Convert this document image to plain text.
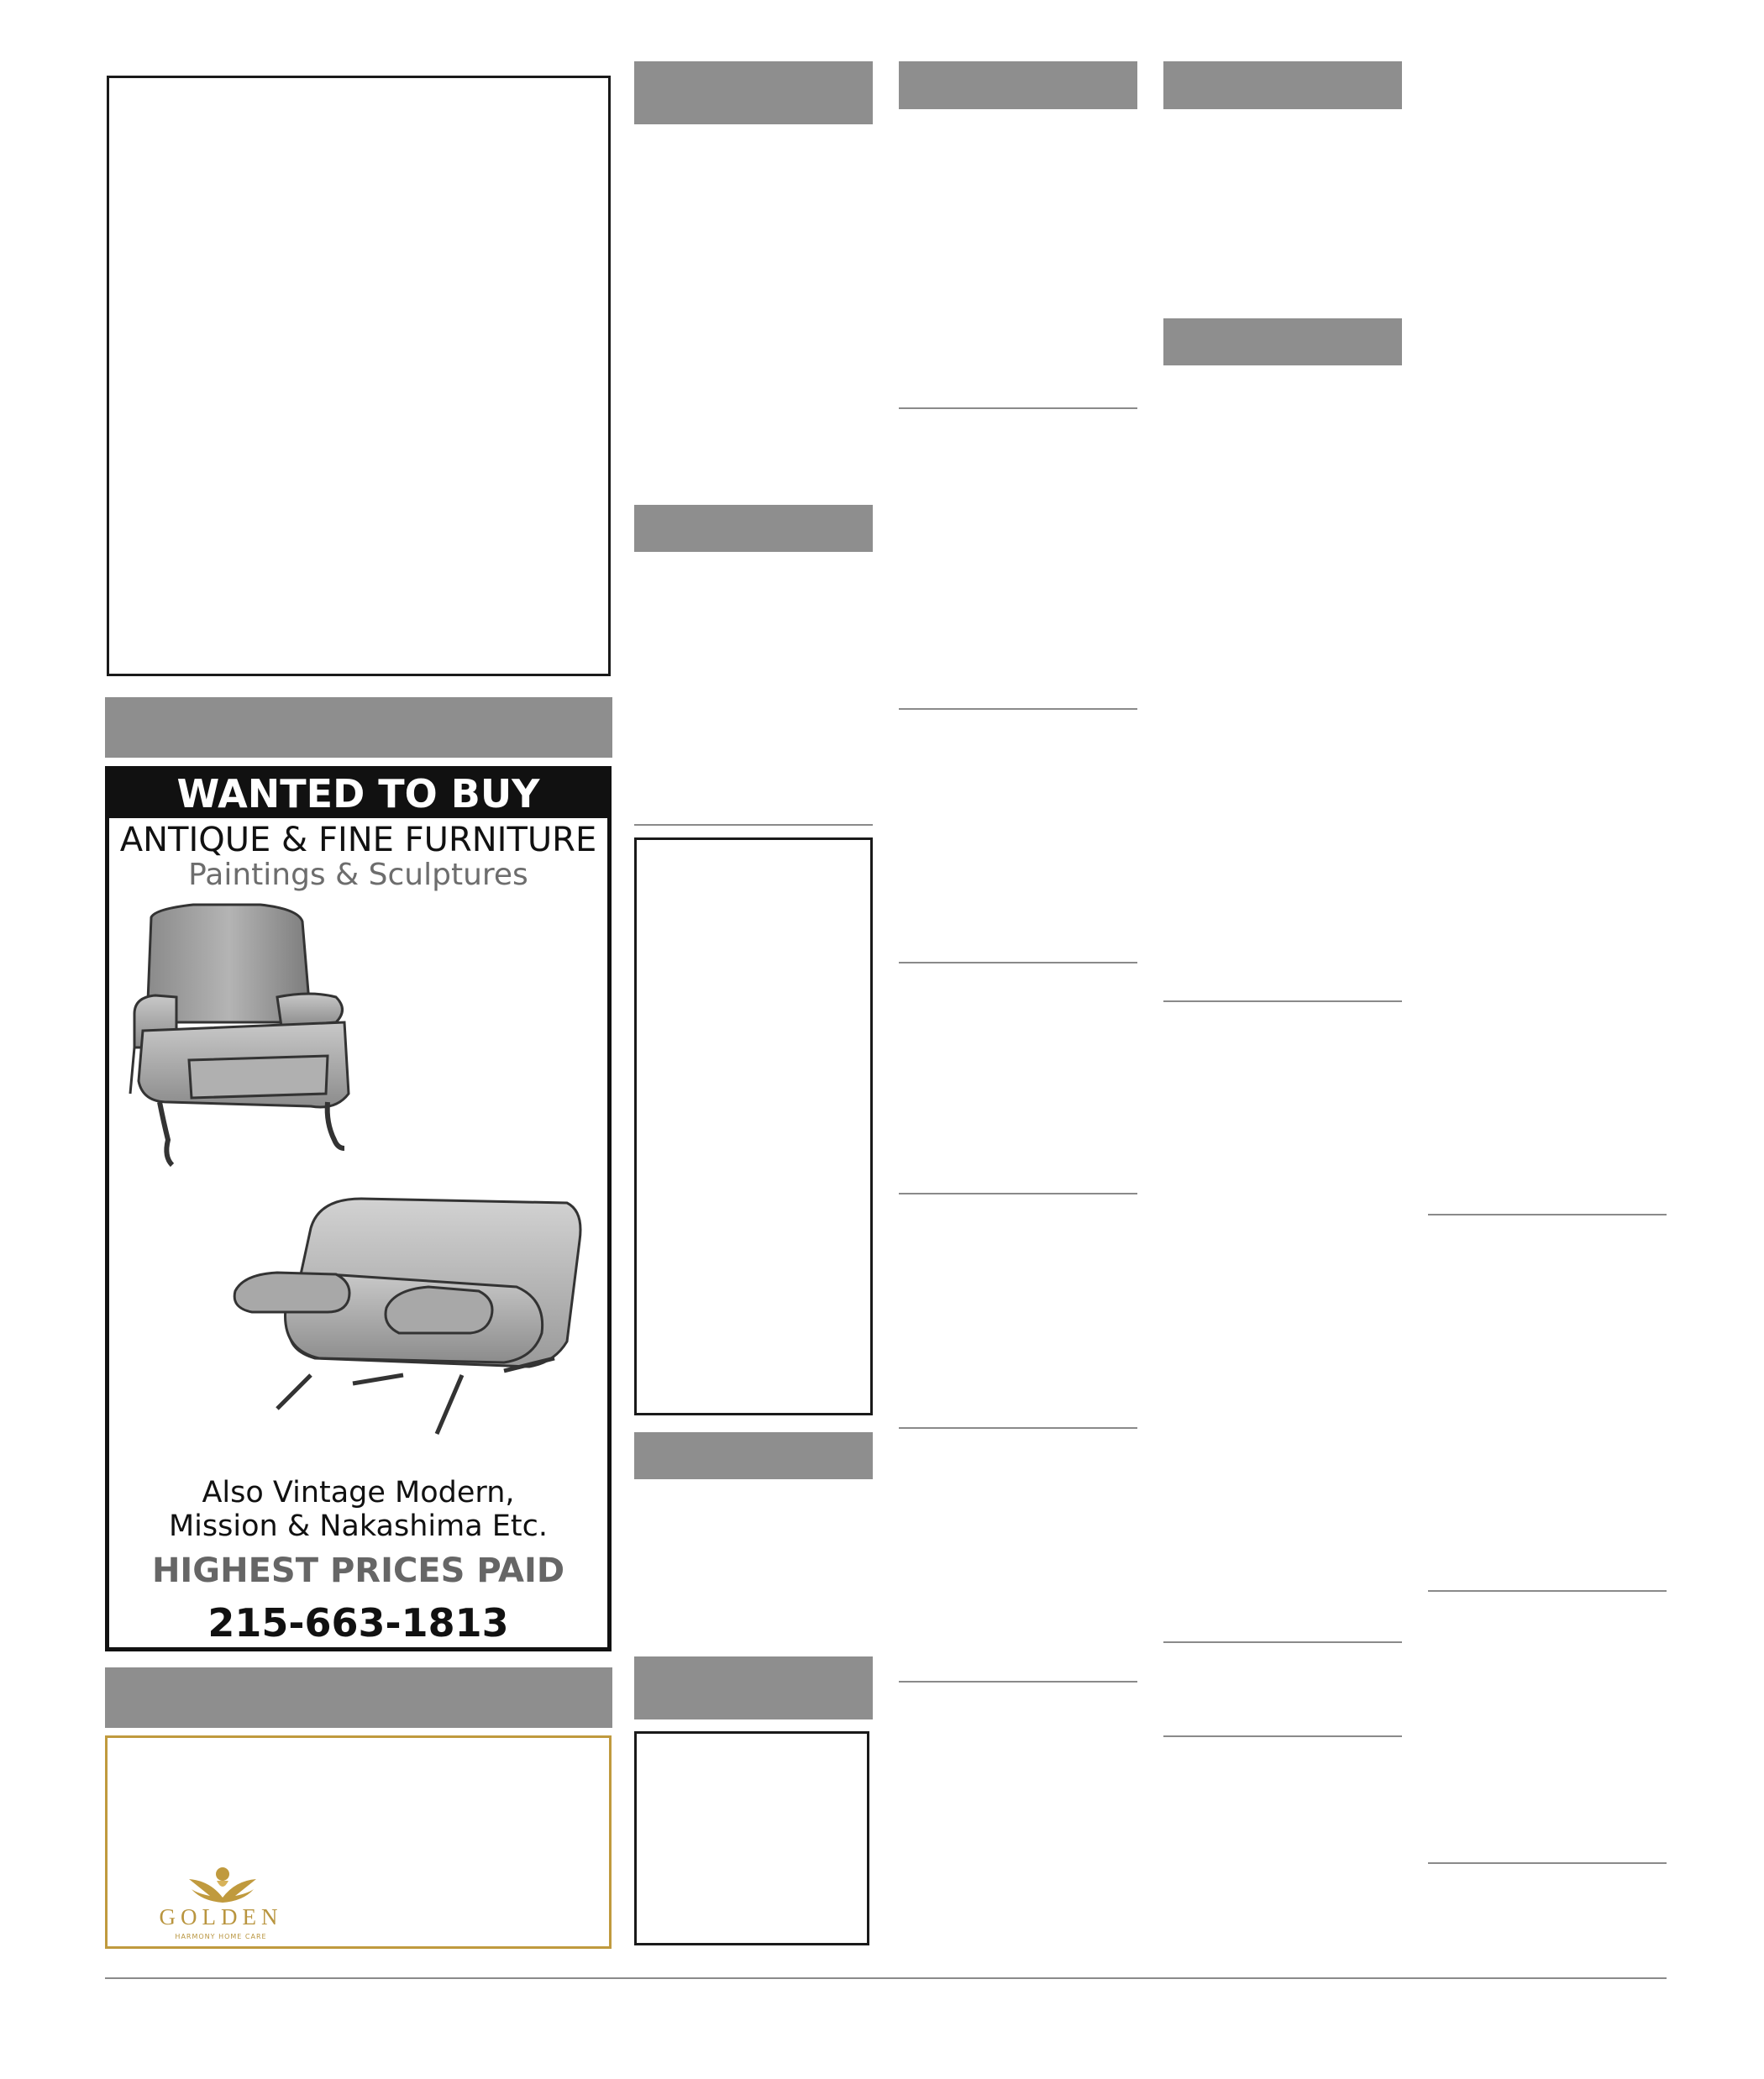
WANTED TO BUY
ANTIQUE & FINE FURNITURE
Paintings & Sculptures
Also Vintage Modern,
Mission & Nakashima Etc.
HIGHEST PRICES PAID
215-663-1813
GOLDEN
HARMONY HOME CARE
